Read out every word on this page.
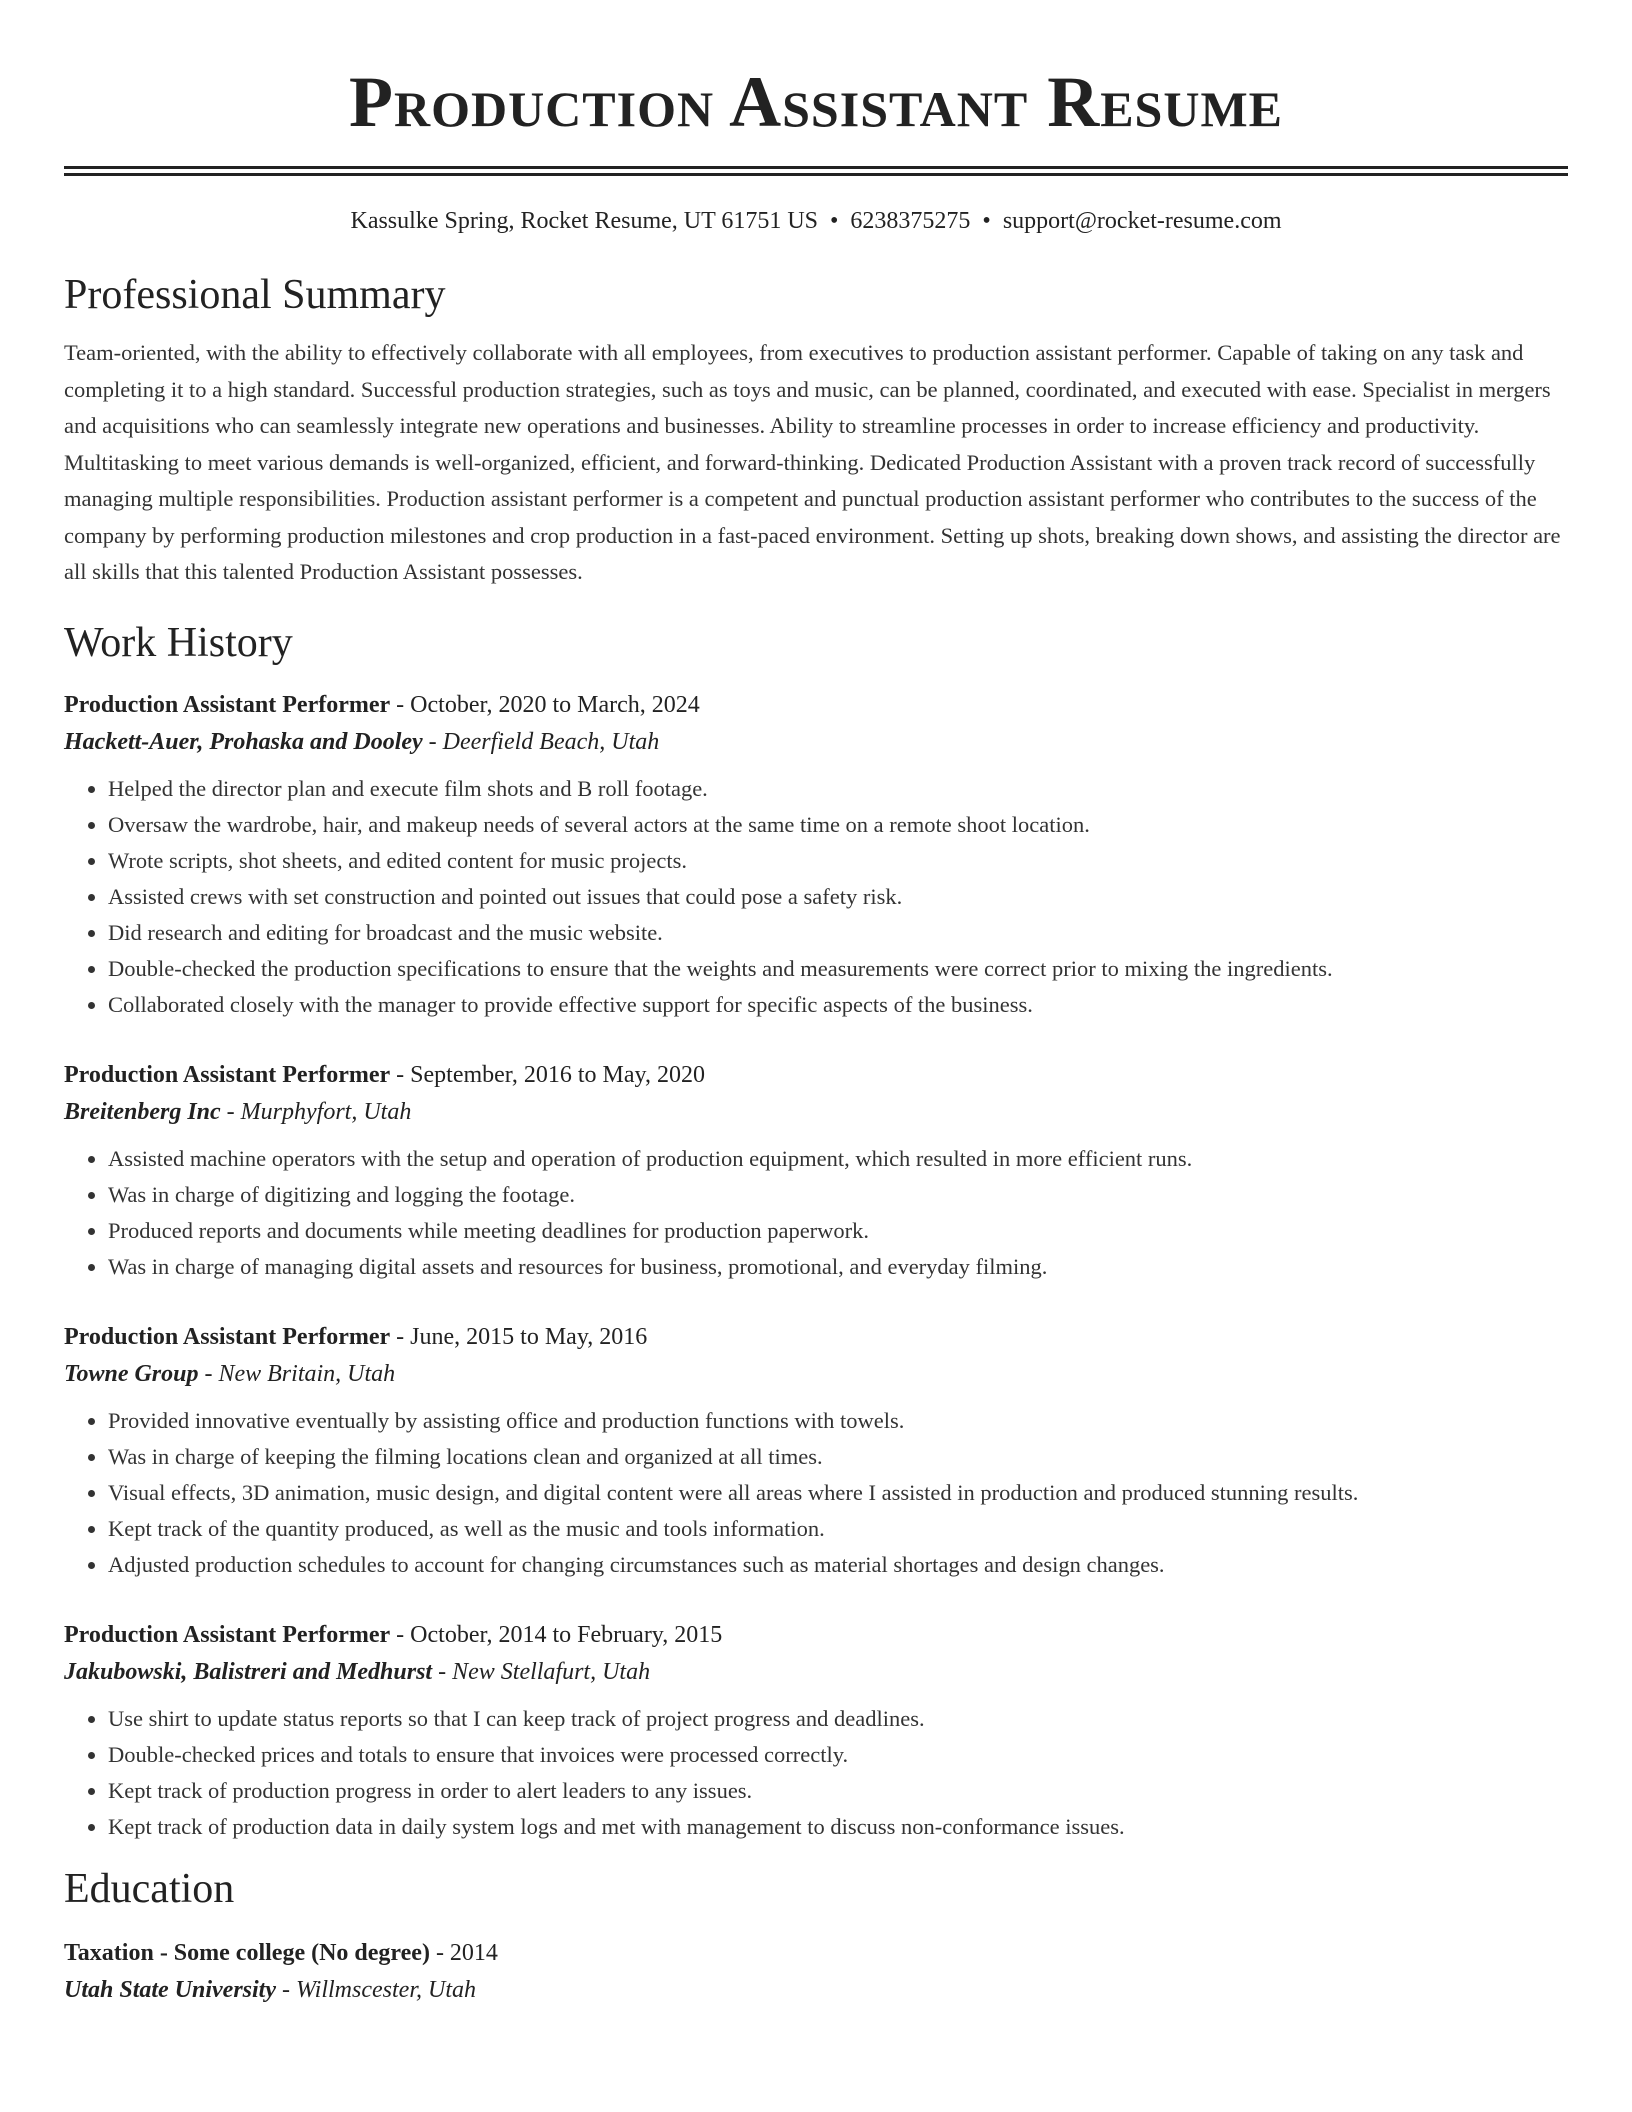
Production Assistant Resume
Kassulke Spring, Rocket Resume, UT 61751 US • 6238375275 • support@rocket-resume.com
Professional Summary

Team-oriented, with the ability to effectively collaborate with all employees, from executives to production assistant performer. Capable of taking on any task and completing it to a high standard. Successful production strategies, such as toys and music, can be planned, coordinated, and executed with ease. Specialist in mergers and acquisitions who can seamlessly integrate new operations and businesses. Ability to streamline processes in order to increase efficiency and productivity. Multitasking to meet various demands is well-organized, efficient, and forward-thinking. Dedicated Production Assistant with a proven track record of successfully managing multiple responsibilities. Production assistant performer is a competent and punctual production assistant performer who contributes to the success of the company by performing production milestones and crop production in a fast-paced environment. Setting up shots, breaking down shows, and assisting the director are all skills that this talented Production Assistant possesses.

Work History
Production Assistant Performer - October, 2020 to March, 2024
Hackett-Auer, Prohaska and Dooley - Deerfield Beach, Utah
• Helped the director plan and execute film shots and B roll footage.
• Oversaw the wardrobe, hair, and makeup needs of several actors at the same time on a remote shoot location.
• Wrote scripts, shot sheets, and edited content for music projects.
• Assisted crews with set construction and pointed out issues that could pose a safety risk.
• Did research and editing for broadcast and the music website.
• Double-checked the production specifications to ensure that the weights and measurements were correct prior to mixing the ingredients.
• Collaborated closely with the manager to provide effective support for specific aspects of the business.
Production Assistant Performer - September, 2016 to May, 2020
Breitenberg Inc - Murphyfort, Utah
• Assisted machine operators with the setup and operation of production equipment, which resulted in more efficient runs.
• Was in charge of digitizing and logging the footage.
• Produced reports and documents while meeting deadlines for production paperwork.
• Was in charge of managing digital assets and resources for business, promotional, and everyday filming.
Production Assistant Performer - June, 2015 to May, 2016
Towne Group - New Britain, Utah
• Provided innovative eventually by assisting office and production functions with towels.
• Was in charge of keeping the filming locations clean and organized at all times.
• Visual effects, 3D animation, music design, and digital content were all areas where I assisted in production and produced stunning results.
• Kept track of the quantity produced, as well as the music and tools information.
• Adjusted production schedules to account for changing circumstances such as material shortages and design changes.
Production Assistant Performer - October, 2014 to February, 2015
Jakubowski, Balistreri and Medhurst - New Stellafurt, Utah
• Use shirt to update status reports so that I can keep track of project progress and deadlines.
• Double-checked prices and totals to ensure that invoices were processed correctly.
• Kept track of production progress in order to alert leaders to any issues.
• Kept track of production data in daily system logs and met with management to discuss non-conformance issues.
Education
Taxation - Some college (No degree) - 2014
Utah State University - Willmscester, Utah
